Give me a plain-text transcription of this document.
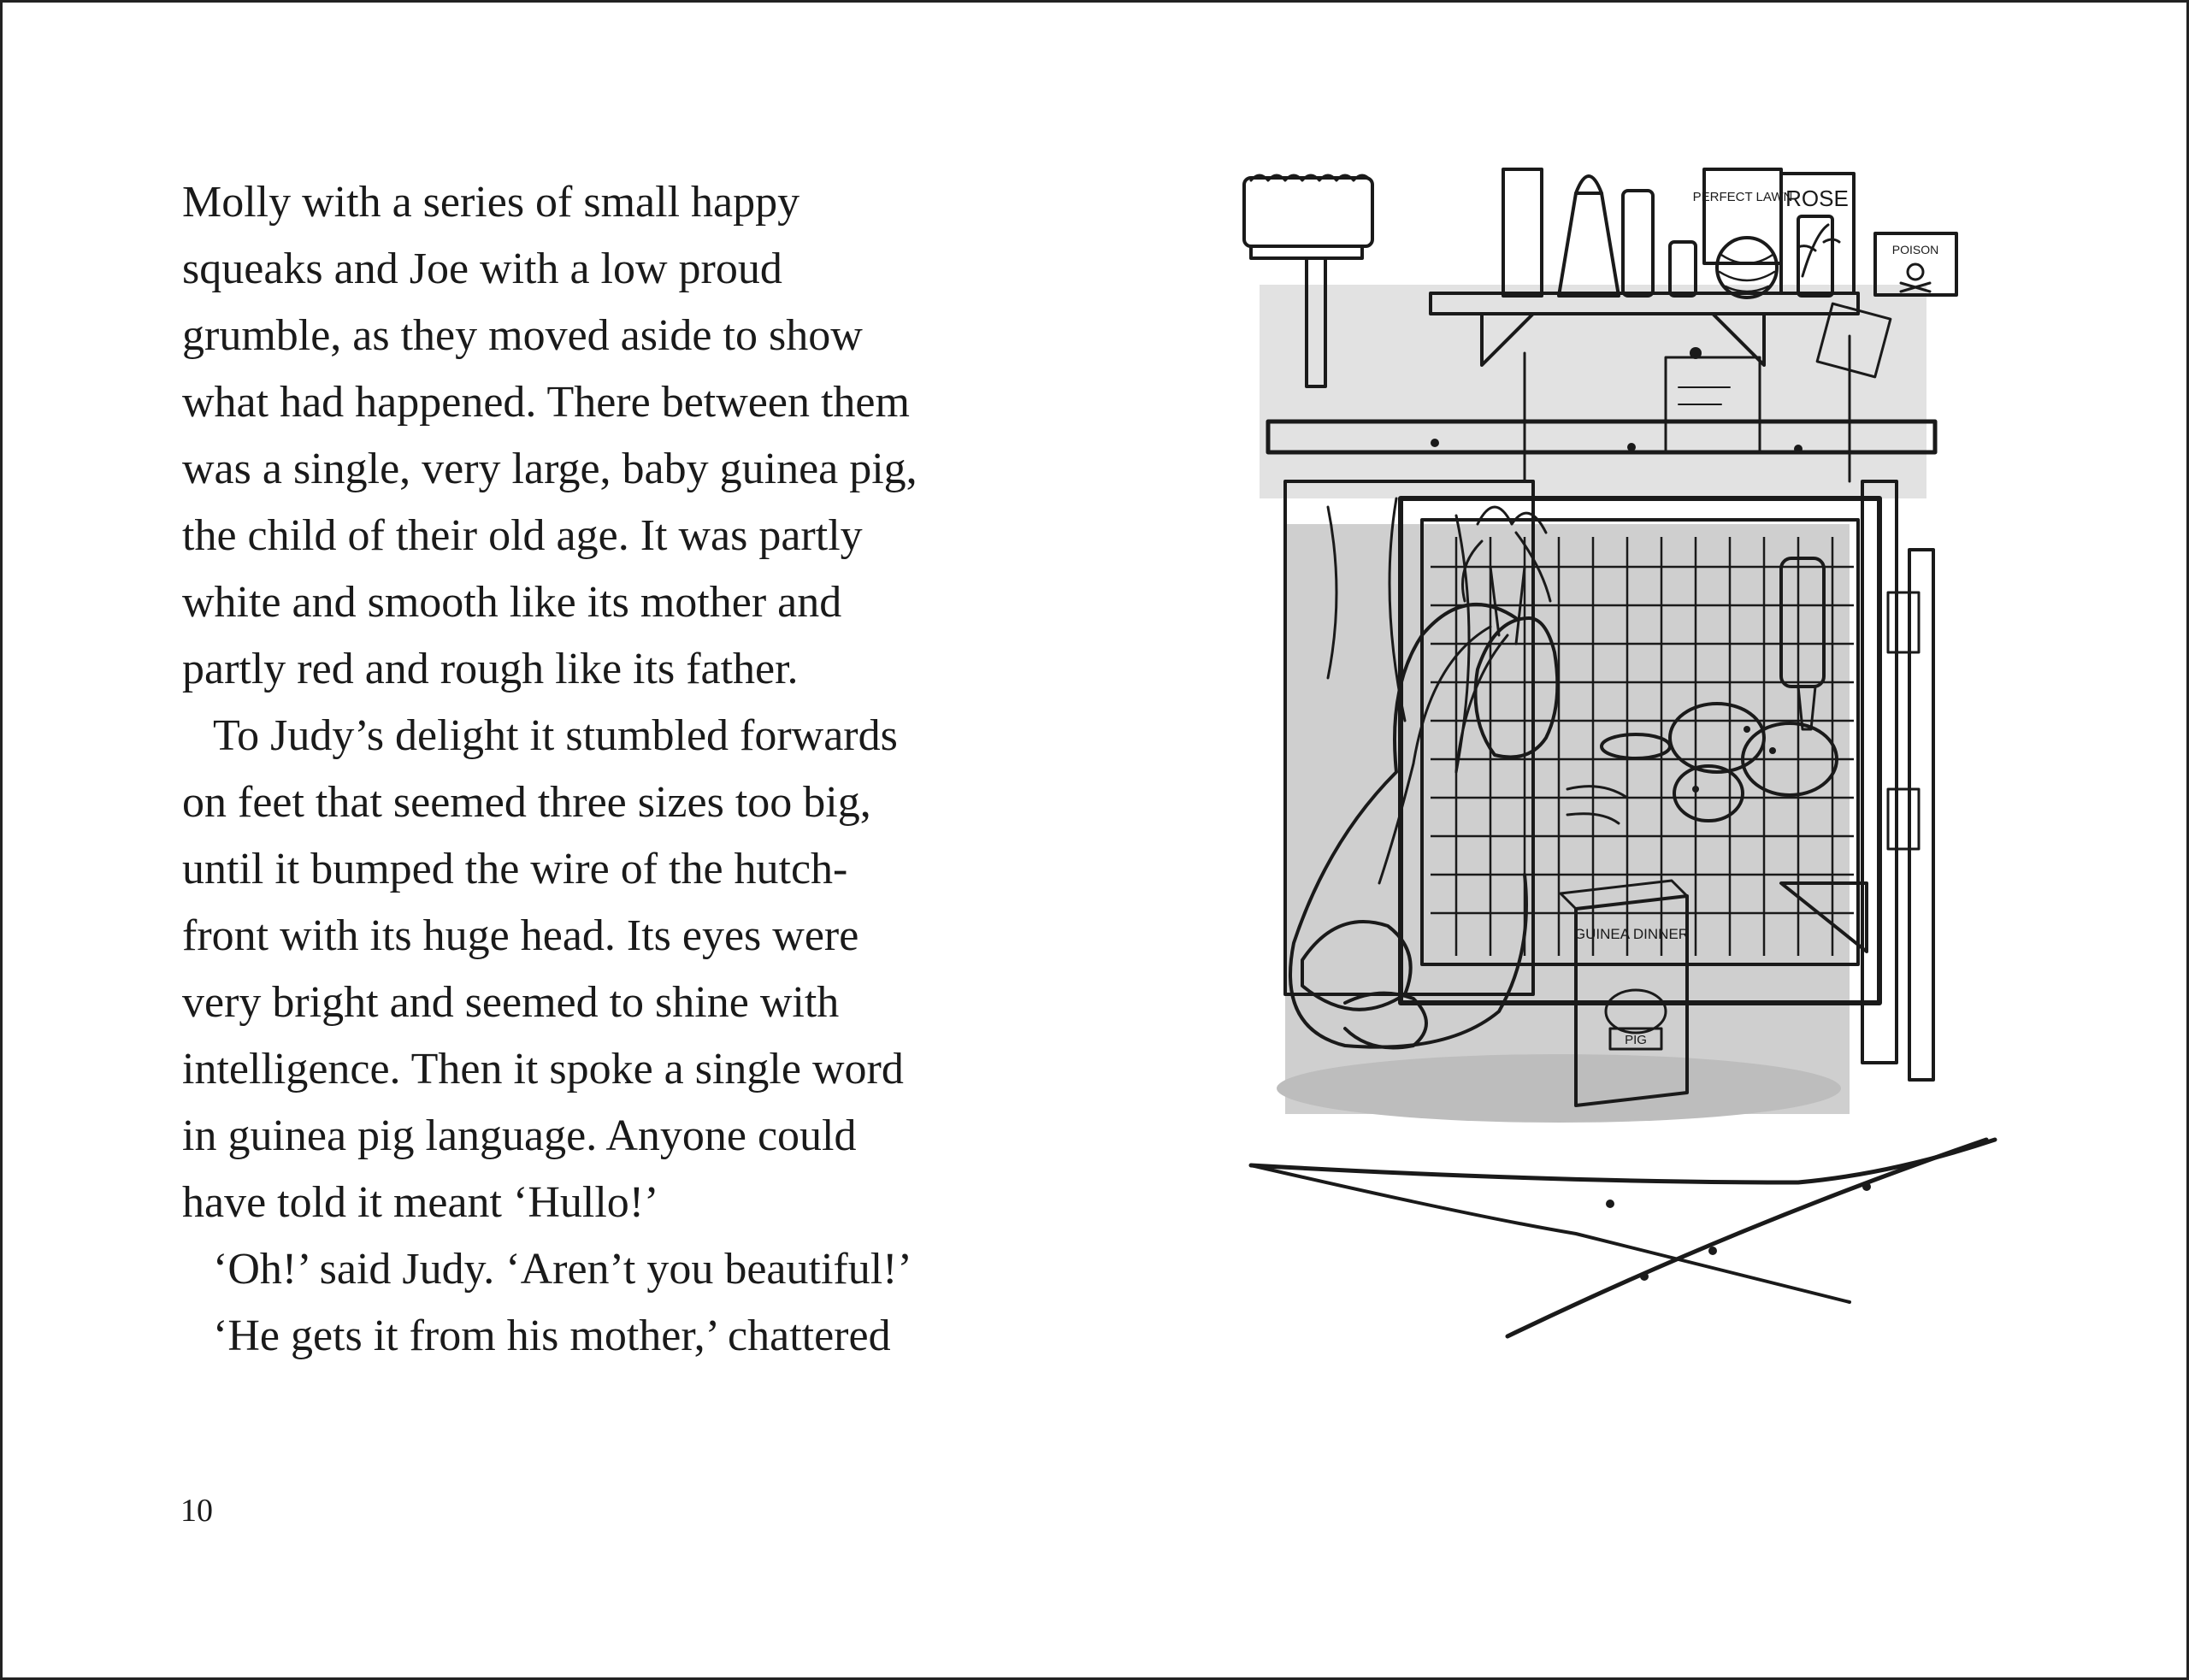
Molly with a series of small happy
squeaks and Joe with a low proud
grumble, as they moved aside to show
what had happened. There between them
was a single, very large, baby guinea pig,
the child of their old age. It was partly
white and smooth like its mother and
partly red and rough like its father.
To Judy’s delight it stumbled forwards
on feet that seemed three sizes too big,
until it bumped the wire of the hutch-
front with its huge head. Its eyes were
very bright and seemed to shine with
intelligence. Then it spoke a single word
in guinea pig language. Anyone could
have told it meant ‘Hullo!’
‘Oh!’ said Judy. ‘Aren’t you beautiful!’
‘He gets it from his mother,’ chattered
10
PERFECT LAWN
ROSE
POISON
GUINEA DINNER
PIG
